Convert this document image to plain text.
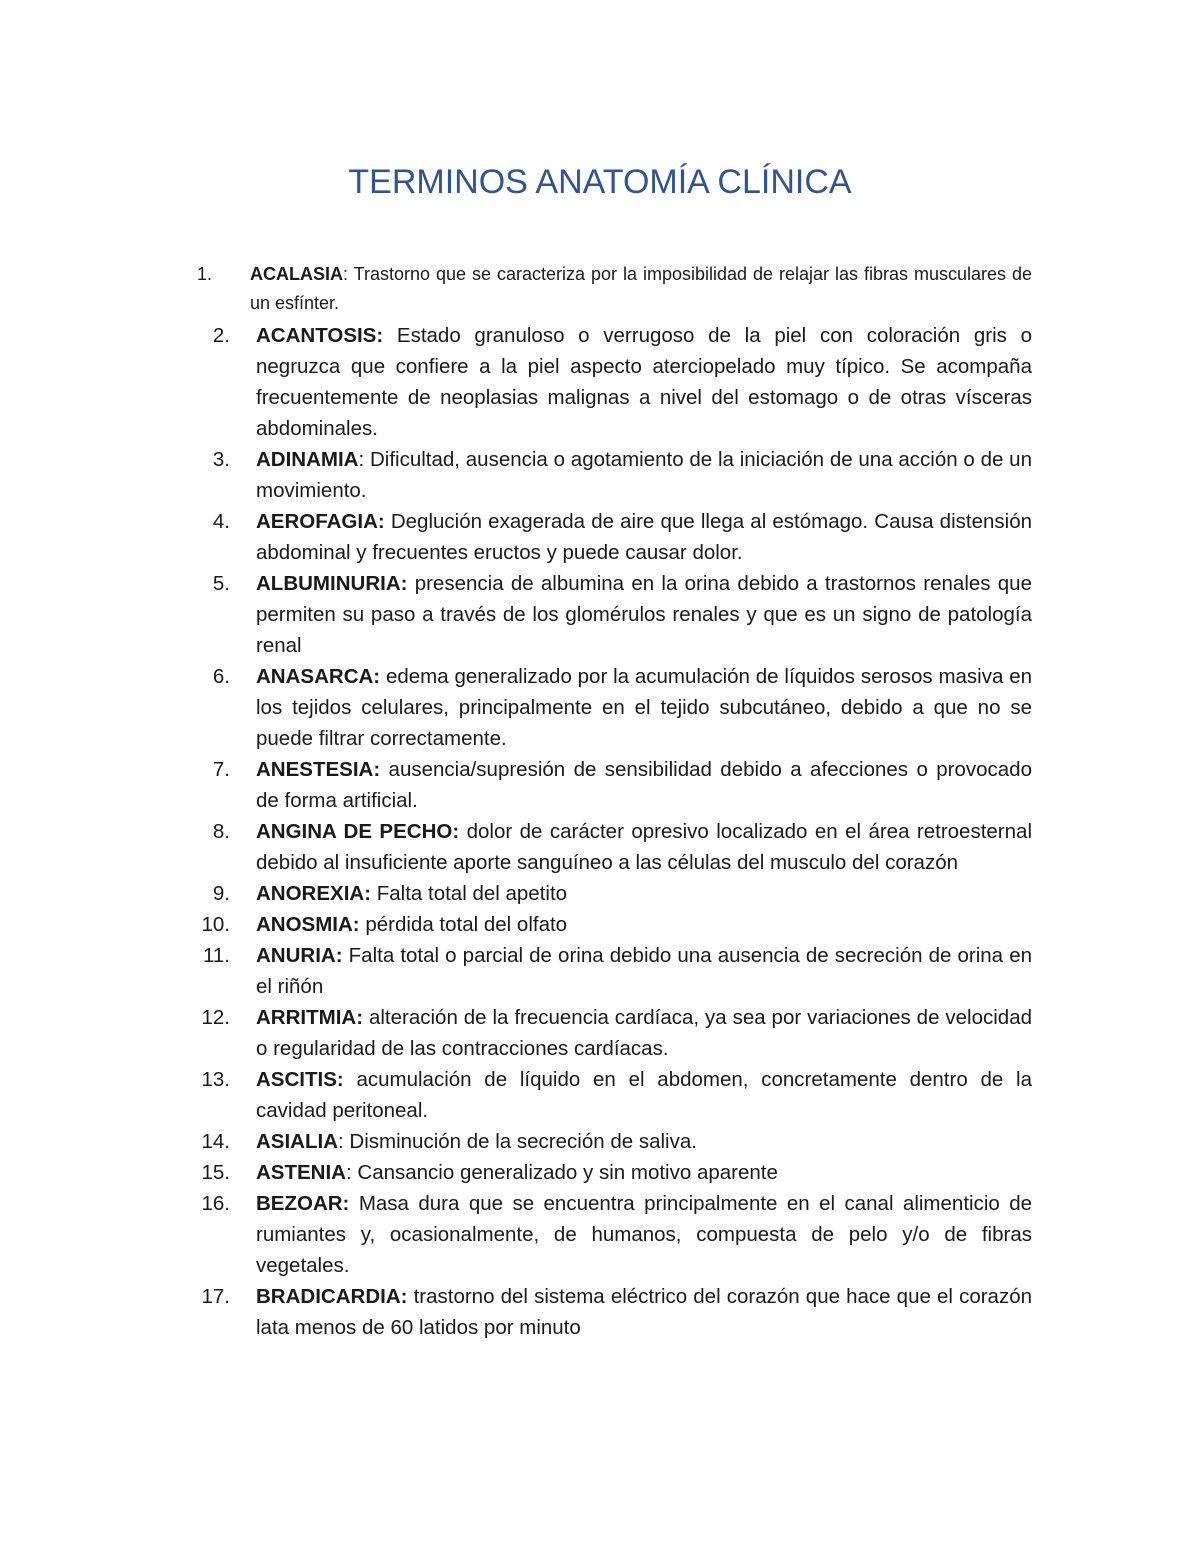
TERMINOS ANATOMÍA CLÍNICA
1. ACALASIA: Trastorno que se caracteriza por la imposibilidad de relajar las fibras musculares de un esfínter.
2. ACANTOSIS: Estado granuloso o verrugoso de la piel con coloración gris o negruzca que confiere a la piel aspecto aterciopelado muy típico. Se acompaña frecuentemente de neoplasias malignas a nivel del estomago o de otras vísceras abdominales.
3. ADINAMIA: Dificultad, ausencia o agotamiento de la iniciación de una acción o de un movimiento.
4. AEROFAGIA: Deglución exagerada de aire que llega al estómago. Causa distensión abdominal y frecuentes eructos y puede causar dolor.
5. ALBUMINURIA: presencia de albumina en la orina debido a trastornos renales que permiten su paso a través de los glomérulos renales y que es un signo de patología renal
6. ANASARCA: edema generalizado por la acumulación de líquidos serosos masiva en los tejidos celulares, principalmente en el tejido subcutáneo, debido a que no se puede filtrar correctamente.
7. ANESTESIA: ausencia/supresión de sensibilidad debido a afecciones o provocado de forma artificial.
8. ANGINA DE PECHO: dolor de carácter opresivo localizado en el área retroesternal debido al insuficiente aporte sanguíneo a las células del musculo del corazón
9. ANOREXIA: Falta total del apetito
10. ANOSMIA: pérdida total del olfato
11. ANURIA: Falta total o parcial de orina debido una ausencia de secreción de orina en el riñón
12. ARRITMIA: alteración de la frecuencia cardíaca, ya sea por variaciones de velocidad o regularidad de las contracciones cardíacas.
13. ASCITIS: acumulación de líquido en el abdomen, concretamente dentro de la cavidad peritoneal.
14. ASIALIA: Disminución de la secreción de saliva.
15. ASTENIA: Cansancio generalizado y sin motivo aparente
16. BEZOAR: Masa dura que se encuentra principalmente en el canal alimenticio de rumiantes y, ocasionalmente, de humanos, compuesta de pelo y/o de fibras vegetales.
17. BRADICARDIA: trastorno del sistema eléctrico del corazón que hace que el corazón lata menos de 60 latidos por minuto
